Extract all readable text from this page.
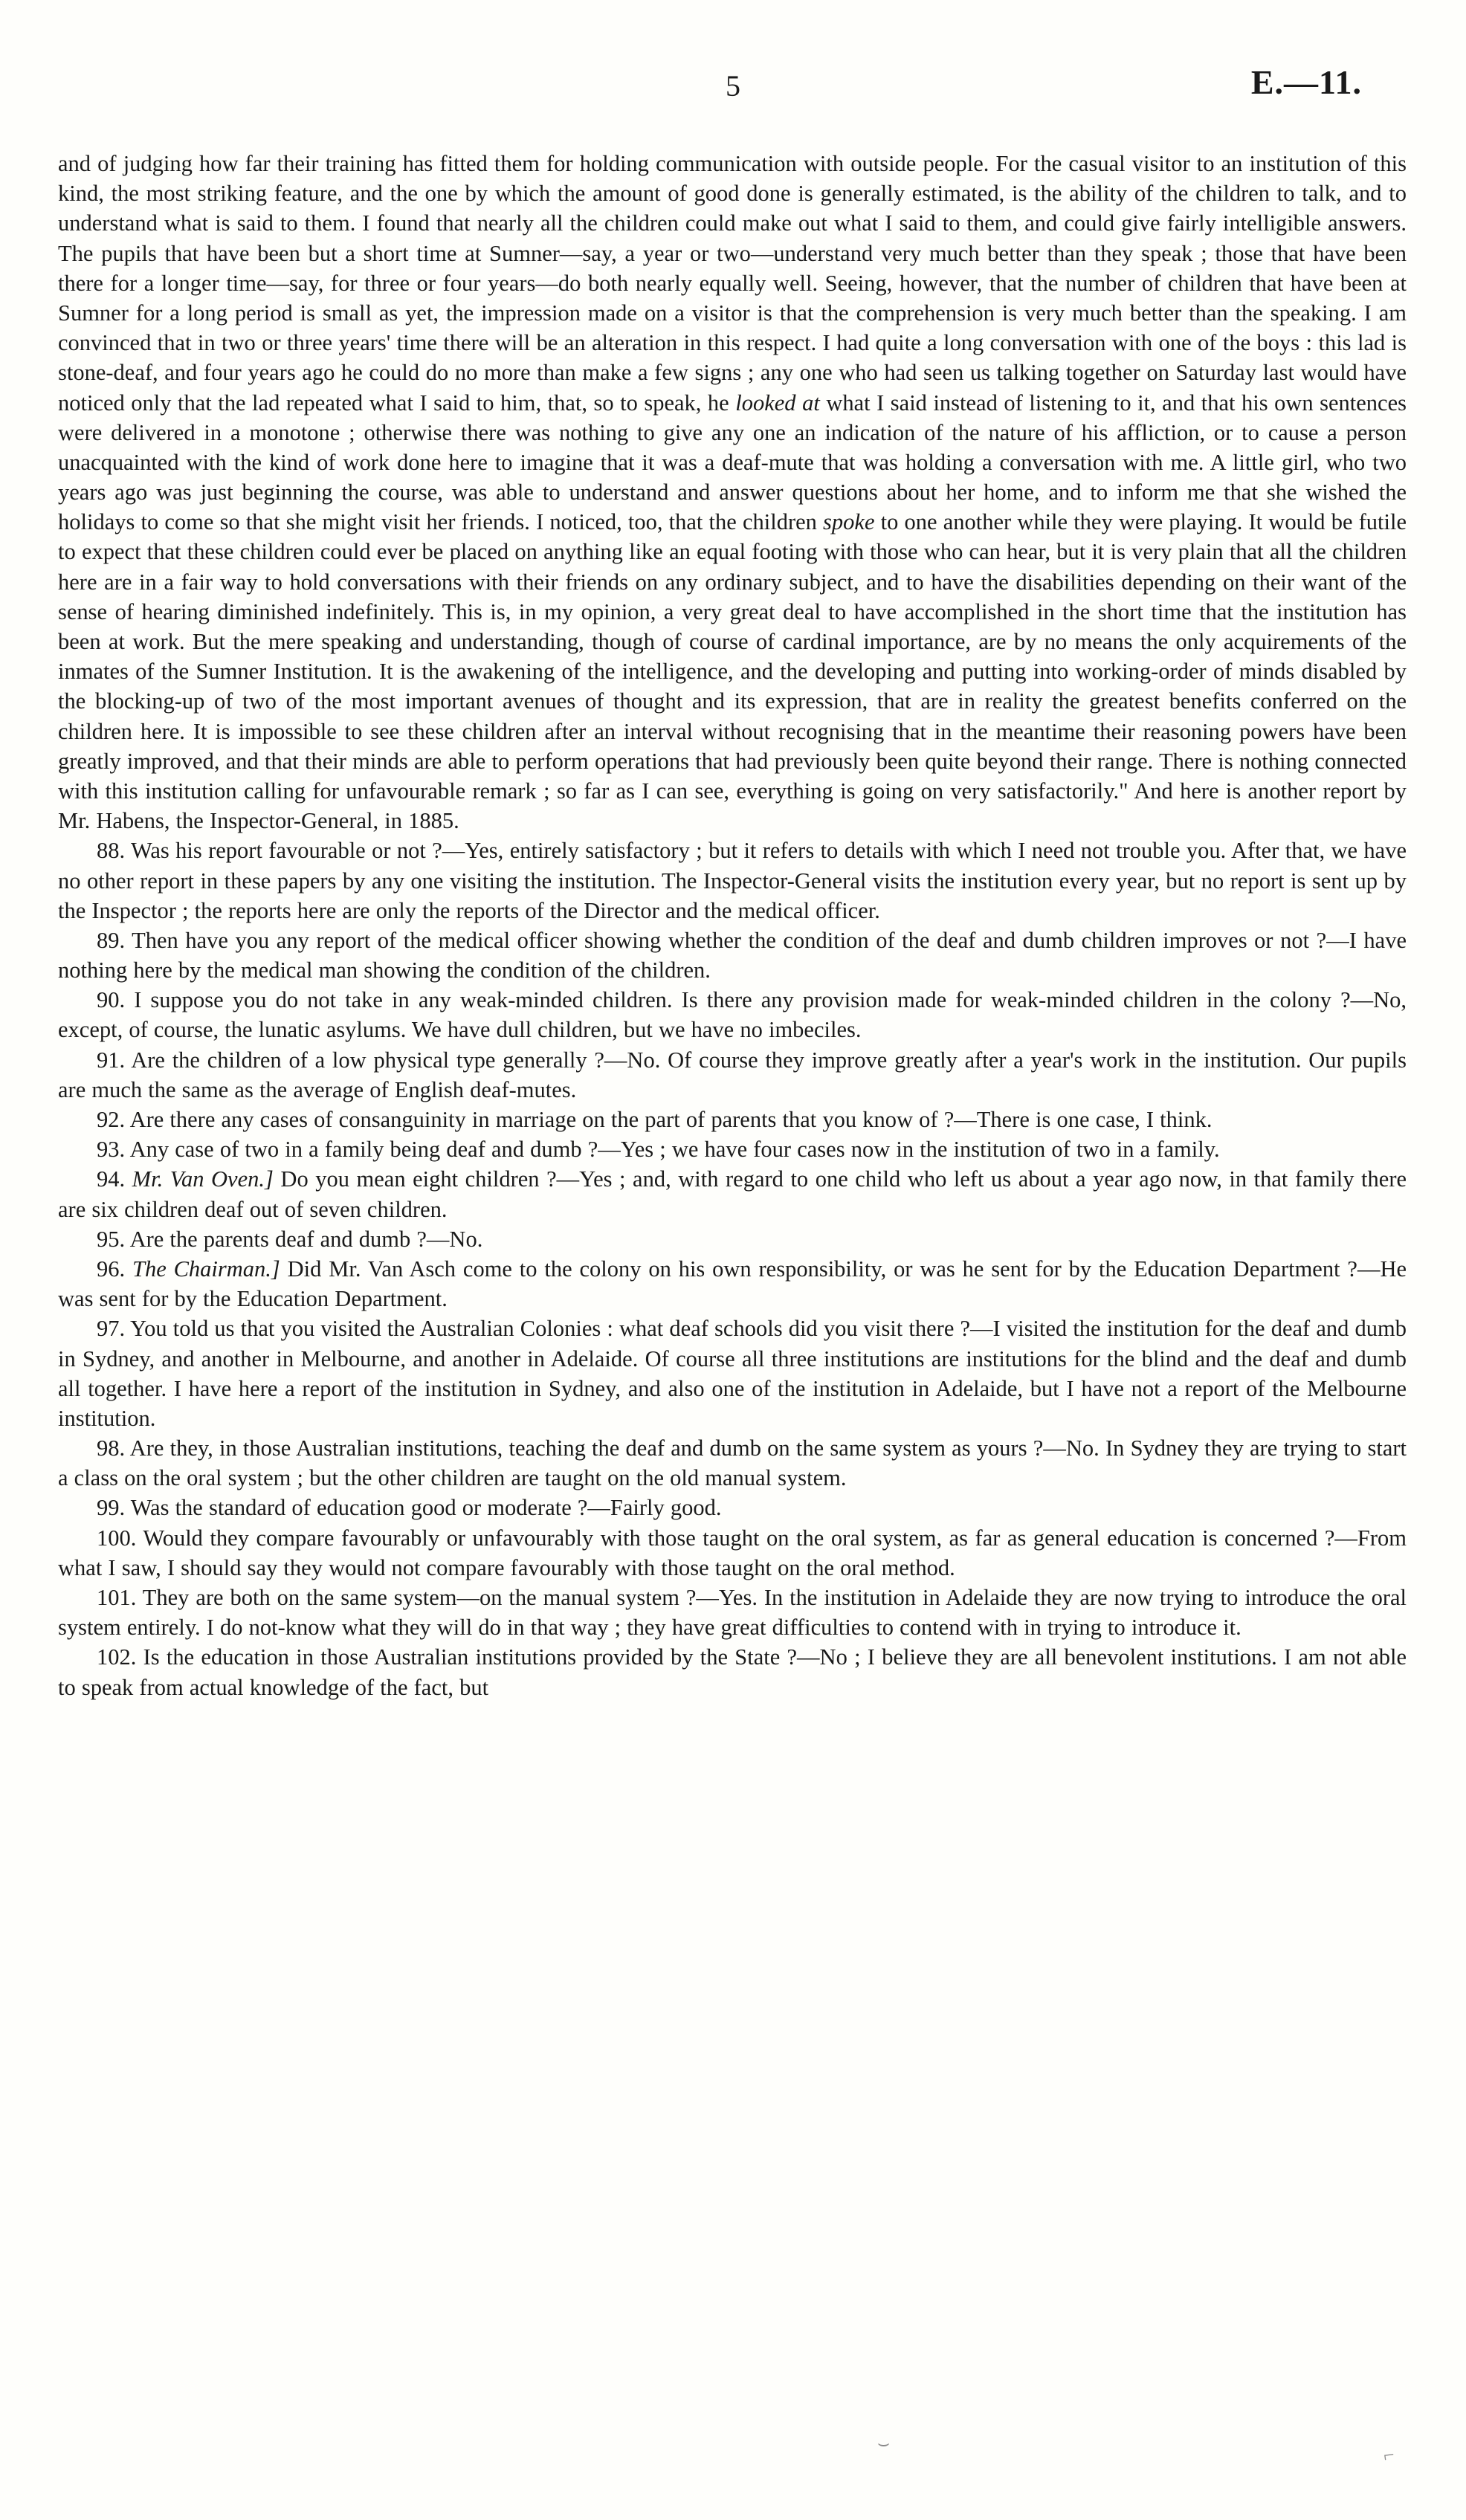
5	E.—11.

and of judging how far their training has fitted them for holding communication with outside people. For the casual visitor to an institution of this kind, the most striking feature, and the one by which the amount of good done is generally estimated, is the ability of the children to talk, and to understand what is said to them. I found that nearly all the children could make out what I said to them, and could give fairly intelligible answers. The pupils that have been but a short time at Sumner—say, a year or two—understand very much better than they speak ; those that have been there for a longer time—say, for three or four years—do both nearly equally well. Seeing, however, that the number of children that have been at Sumner for a long period is small as yet, the impression made on a visitor is that the comprehension is very much better than the speaking. I am convinced that in two or three years' time there will be an alteration in this respect. I had quite a long conversation with one of the boys : this lad is stone-deaf, and four years ago he could do no more than make a few signs ; any one who had seen us talking together on Saturday last would have noticed only that the lad repeated what I said to him, that, so to speak, he looked at what I said instead of listening to it, and that his own sentences were delivered in a monotone ; otherwise there was nothing to give any one an indication of the nature of his affliction, or to cause a person unacquainted with the kind of work done here to imagine that it was a deaf-mute that was holding a conversation with me. A little girl, who two years ago was just beginning the course, was able to understand and answer questions about her home, and to inform me that she wished the holidays to come so that she might visit her friends. I noticed, too, that the children spoke to one another while they were playing. It would be futile to expect that these children could ever be placed on anything like an equal footing with those who can hear, but it is very plain that all the children here are in a fair way to hold conversations with their friends on any ordinary subject, and to have the disabilities depending on their want of the sense of hearing diminished indefinitely. This is, in my opinion, a very great deal to have accomplished in the short time that the institution has been at work. But the mere speaking and understanding, though of course of cardinal importance, are by no means the only acquirements of the inmates of the Sumner Institution. It is the awakening of the intelligence, and the developing and putting into working-order of minds disabled by the blocking-up of two of the most important avenues of thought and its expression, that are in reality the greatest benefits conferred on the children here. It is impossible to see these children after an interval without recognising that in the meantime their reasoning powers have been greatly improved, and that their minds are able to perform operations that had previously been quite beyond their range. There is nothing connected with this institution calling for unfavourable remark ; so far as I can see, everything is going on very satisfactorily." And here is another report by Mr. Habens, the Inspector-General, in 1885.

88. Was his report favourable or not ?—Yes, entirely satisfactory ; but it refers to details with which I need not trouble you. After that, we have no other report in these papers by any one visiting the institution. The Inspector-General visits the institution every year, but no report is sent up by the Inspector ; the reports here are only the reports of the Director and the medical officer.

89. Then have you any report of the medical officer showing whether the condition of the deaf and dumb children improves or not ?—I have nothing here by the medical man showing the condition of the children.

90. I suppose you do not take in any weak-minded children. Is there any provision made for weak-minded children in the colony ?—No, except, of course, the lunatic asylums. We have dull children, but we have no imbeciles.

91. Are the children of a low physical type generally ?—No. Of course they improve greatly after a year's work in the institution. Our pupils are much the same as the average of English deaf-mutes.

92. Are there any cases of consanguinity in marriage on the part of parents that you know of ?—There is one case, I think.

93. Any case of two in a family being deaf and dumb ?—Yes ; we have four cases now in the institution of two in a family.

94. Mr. Van Oven.] Do you mean eight children ?—Yes ; and, with regard to one child who left us about a year ago now, in that family there are six children deaf out of seven children.

95. Are the parents deaf and dumb ?—No.

96. The Chairman.] Did Mr. Van Asch come to the colony on his own responsibility, or was he sent for by the Education Department ?—He was sent for by the Education Department.

97. You told us that you visited the Australian Colonies : what deaf schools did you visit there ?—I visited the institution for the deaf and dumb in Sydney, and another in Melbourne, and another in Adelaide. Of course all three institutions are institutions for the blind and the deaf and dumb all together. I have here a report of the institution in Sydney, and also one of the institution in Adelaide, but I have not a report of the Melbourne institution.

98. Are they, in those Australian institutions, teaching the deaf and dumb on the same system as yours ?—No. In Sydney they are trying to start a class on the oral system ; but the other children are taught on the old manual system.

99. Was the standard of education good or moderate ?—Fairly good.

100. Would they compare favourably or unfavourably with those taught on the oral system, as far as general education is concerned ?—From what I saw, I should say they would not compare favourably with those taught on the oral method.

101. They are both on the same system—on the manual system ?—Yes. In the institution in Adelaide they are now trying to introduce the oral system entirely. I do not-know what they will do in that way ; they have great difficulties to contend with in trying to introduce it.

102. Is the education in those Australian institutions provided by the State ?—No ; I believe they are all benevolent institutions. I am not able to speak from actual knowledge of the fact, but

⌣
⌐
